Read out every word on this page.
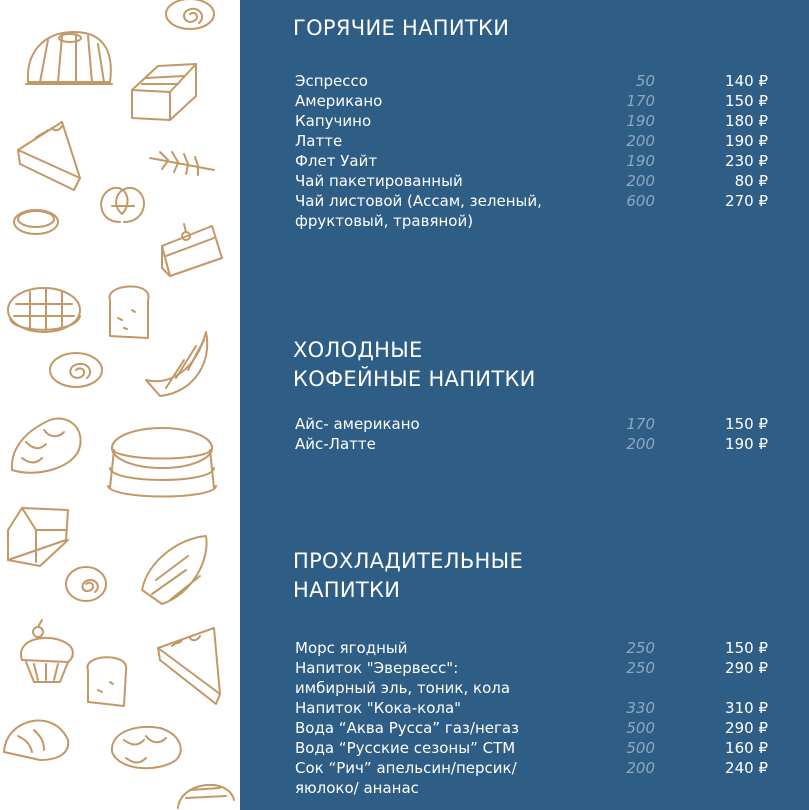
ГОРЯЧИЕ НАПИТКИ
Эспрессо	50	140 ₽
Американо	170	150 ₽
Капучино	190	180 ₽
Латте	200	190 ₽
Флет Уайт	190	230 ₽
Чай пакетированный	200	80 ₽
Чай листовой (Ассам, зеленый,	600	270 ₽
фруктовый, травяной)
ХОЛОДНЫЕ
КОФЕЙНЫЕ НАПИТКИ
Айс- американо	170	150 ₽
Айс-Латте	200	190 ₽
ПРОХЛАДИТЕЛЬНЫЕ
НАПИТКИ
Морс ягодный	250	150 ₽
Напиток "Эвервесс":	250	290 ₽
имбирный эль, тоник, кола
Напиток "Кока-кола"	330	310 ₽
Вода “Аква Русса” газ/негаз	500	290 ₽
Вода “Русские сезоны” СТМ	500	160 ₽
Сок “Рич” апельсин/персик/	200	240 ₽
яюлоко/ ананас
